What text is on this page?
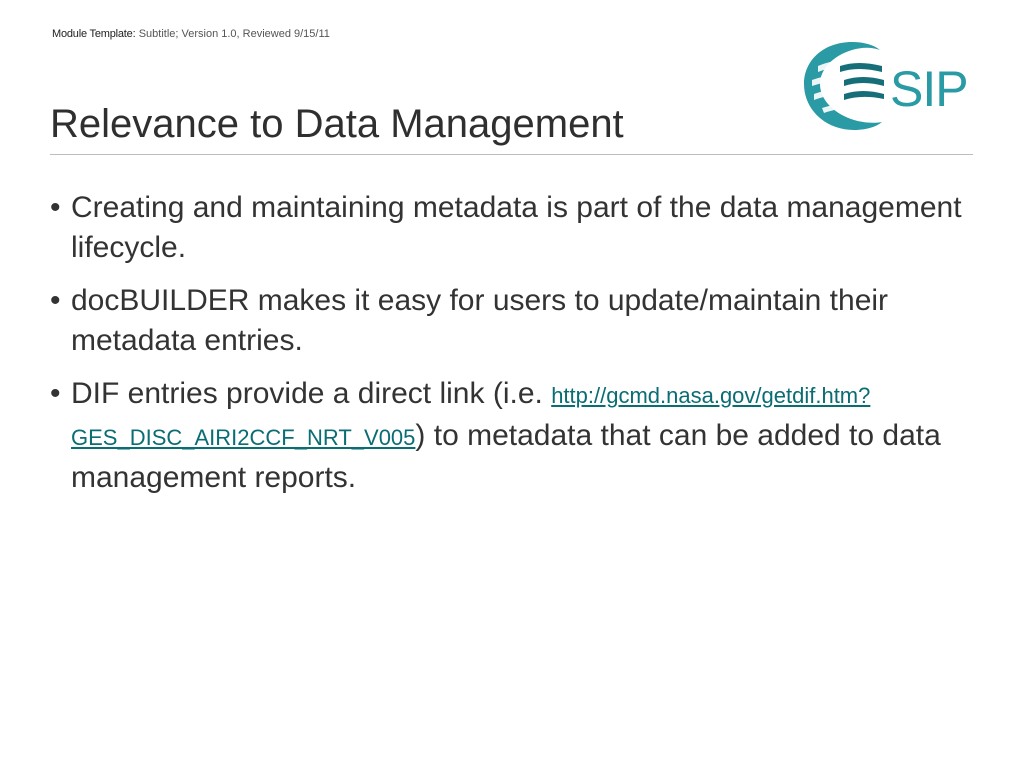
Module Template: Subtitle; Version 1.0, Reviewed 9/15/11
SIP
Relevance to Data Management
• Creating and maintaining metadata is part of the data management lifecycle.
• docBUILDER makes it easy for users to update/maintain their metadata entries.
• DIF entries provide a direct link (i.e. http://gcmd.nasa.gov/getdif.htm?GES_DISC_AIRI2CCF_NRT_V005) to metadata that can be added to data management reports.
